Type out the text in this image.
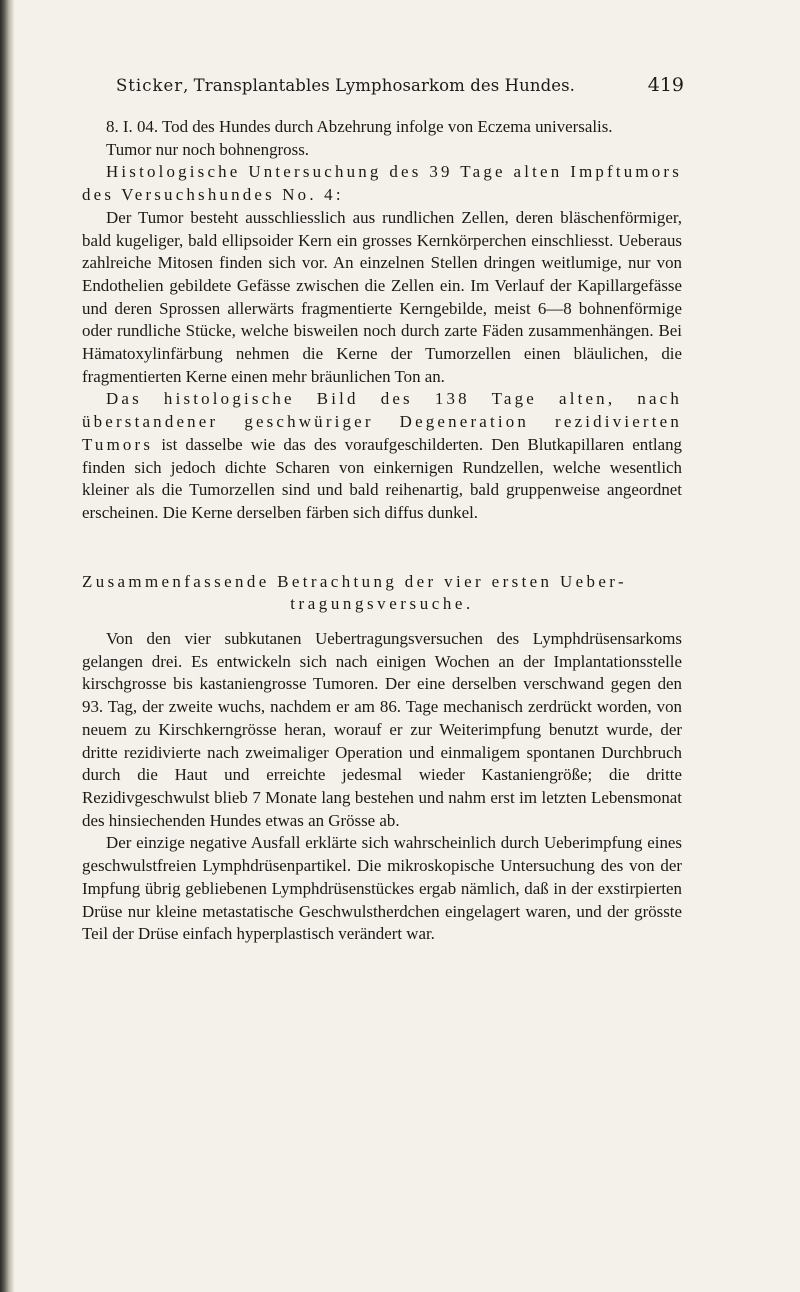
Sticker, Transplantables Lymphosarkom des Hundes.	419

8. I. 04. Tod des Hundes durch Abzehrung infolge von Eczema universalis.

Tumor nur noch bohnengross.

Histologische Untersuchung des 39 Tage alten Impftumors des Versuchshundes No. 4:

Der Tumor besteht ausschliesslich aus rundlichen Zellen, deren bläschenförmiger, bald kugeliger, bald ellipsoider Kern ein grosses Kernkörperchen einschliesst. Ueberaus zahlreiche Mitosen finden sich vor. An einzelnen Stellen dringen weitlumige, nur von Endothelien gebildete Gefässe zwischen die Zellen ein. Im Verlauf der Kapillargefässe und deren Sprossen allerwärts fragmentierte Kerngebilde, meist 6—8 bohnenförmige oder rundliche Stücke, welche bisweilen noch durch zarte Fäden zusammenhängen. Bei Hämatoxylinfärbung nehmen die Kerne der Tumorzellen einen bläulichen, die fragmentierten Kerne einen mehr bräunlichen Ton an.

Das histologische Bild des 138 Tage alten, nach überstandener geschwüriger Degeneration rezidivierten Tumors ist dasselbe wie das des voraufgeschilderten. Den Blutkapillaren entlang finden sich jedoch dichte Scharen von einkernigen Rundzellen, welche wesentlich kleiner als die Tumorzellen sind und bald reihenartig, bald gruppenweise angeordnet erscheinen. Die Kerne derselben färben sich diffus dunkel.

Zusammenfassende Betrachtung der vier ersten Ueber-
tragungsversuche.

Von den vier subkutanen Uebertragungsversuchen des Lymphdrüsensarkoms gelangen drei. Es entwickeln sich nach einigen Wochen an der Implantationsstelle kirschgrosse bis kastaniengrosse Tumoren. Der eine derselben verschwand gegen den 93. Tag, der zweite wuchs, nachdem er am 86. Tage mechanisch zerdrückt worden, von neuem zu Kirschkerngrösse heran, worauf er zur Weiterimpfung benutzt wurde, der dritte rezidivierte nach zweimaliger Operation und einmaligem spontanen Durchbruch durch die Haut und erreichte jedesmal wieder Kastaniengröße; die dritte Rezidivgeschwulst blieb 7 Monate lang bestehen und nahm erst im letzten Lebensmonat des hinsiechenden Hundes etwas an Grösse ab.

Der einzige negative Ausfall erklärte sich wahrscheinlich durch Ueberimpfung eines geschwulstfreien Lymphdrüsenpartikel. Die mikroskopische Untersuchung des von der Impfung übrig gebliebenen Lymphdrüsenstückes ergab nämlich, daß in der exstirpierten Drüse nur kleine metastatische Geschwulstherdchen eingelagert waren, und der grösste Teil der Drüse einfach hyperplastisch verändert war.
